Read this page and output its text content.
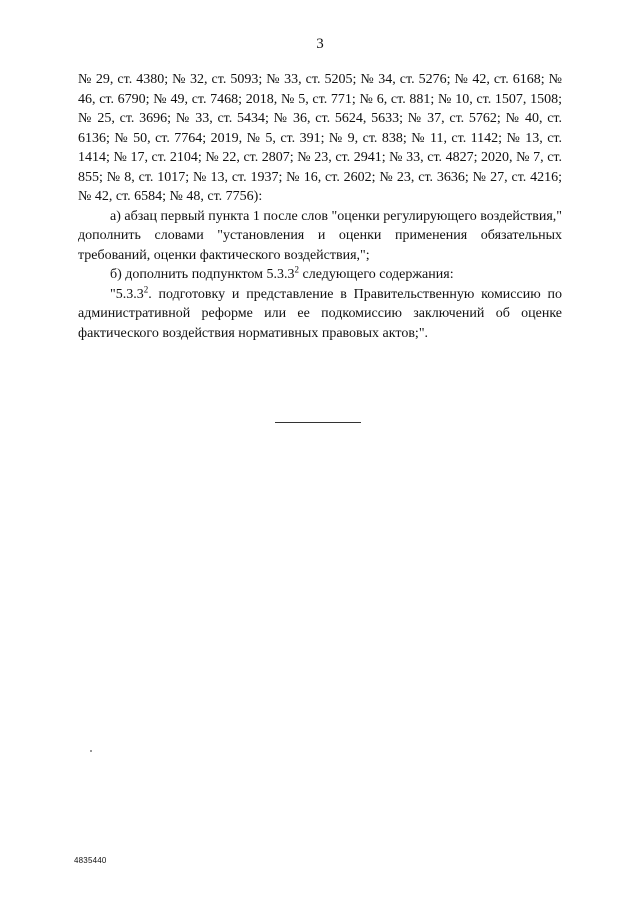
3

№ 29, ст. 4380; № 32, ст. 5093; № 33, ст. 5205; № 34, ст. 5276; № 42, ст. 6168; № 46, ст. 6790; № 49, ст. 7468; 2018, № 5, ст. 771; № 6, ст. 881; № 10, ст. 1507, 1508; № 25, ст. 3696; № 33, ст. 5434; № 36, ст. 5624, 5633; № 37, ст. 5762; № 40, ст. 6136; № 50, ст. 7764; 2019, № 5, ст. 391; № 9, ст. 838; № 11, ст. 1142; № 13, ст. 1414; № 17, ст. 2104; № 22, ст. 2807; № 23, ст. 2941; № 33, ст. 4827; 2020, № 7, ст. 855; № 8, ст. 1017; № 13, ст. 1937; № 16, ст. 2602; № 23, ст. 3636; № 27, ст. 4216; № 42, ст. 6584; № 48, ст. 7756):

а) абзац первый пункта 1 после слов "оценки регулирующего воздействия," дополнить словами "установления и оценки применения обязательных требований, оценки фактического воздействия,";

б) дополнить подпунктом 5.3.3$^2$ следующего содержания:

"5.3.3$^2$. подготовку и представление в Правительственную комиссию по административной реформе или ее подкомиссию заключений об оценке фактического воздействия нормативных правовых актов;".

4835440
